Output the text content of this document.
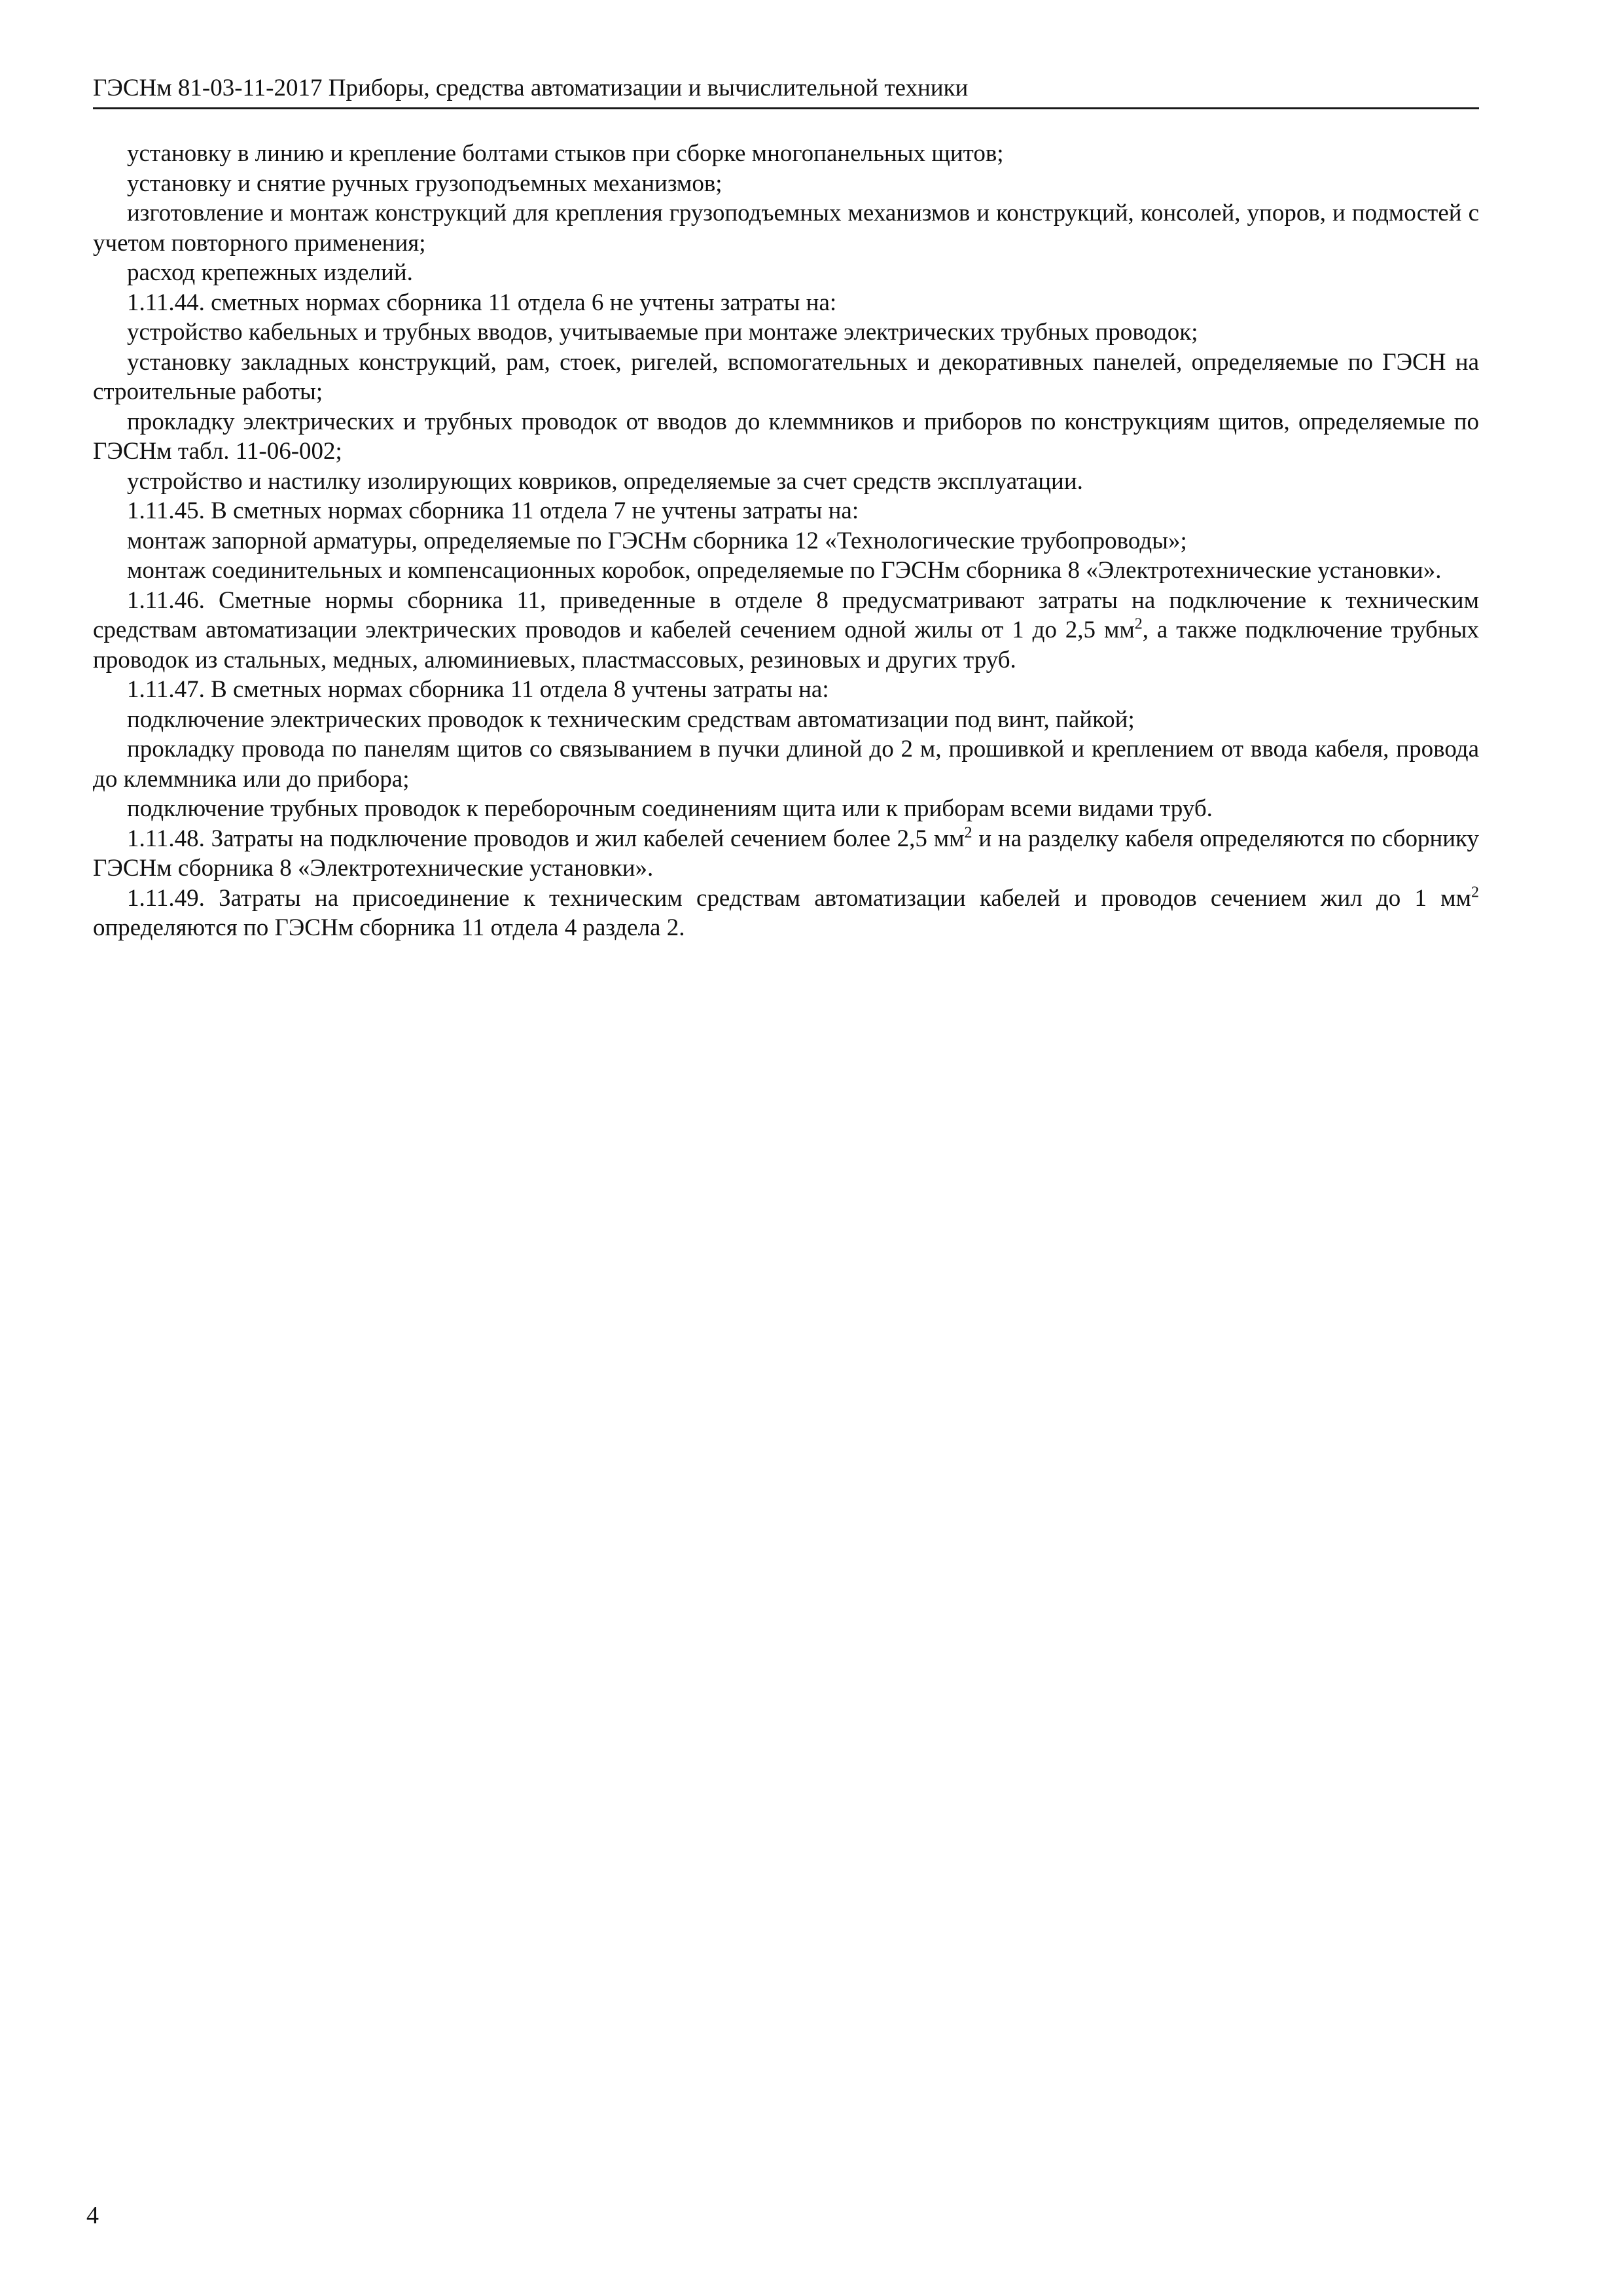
ГЭСНм 81-03-11-2017 Приборы, средства автоматизации и вычислительной техники

установку в линию и крепление болтами стыков при сборке многопанельных щитов;

установку и снятие ручных грузоподъемных механизмов;

изготовление и монтаж конструкций для крепления грузоподъемных механизмов и конструкций, консолей, упоров, и подмостей с учетом повторного применения;

расход крепежных изделий.

1.11.44. сметных нормах сборника 11 отдела 6 не учтены затраты на:

устройство кабельных и трубных вводов, учитываемые при монтаже электрических трубных проводок;

установку закладных конструкций, рам, стоек, ригелей, вспомогательных и декоративных панелей, определяемые по ГЭСН на строительные работы;

прокладку электрических и трубных проводок от вводов до клеммников и приборов по конструкциям щитов, определяемые по ГЭСНм табл. 11-06-002;

устройство и настилку изолирующих ковриков, определяемые за счет средств эксплуатации.

1.11.45. В сметных нормах сборника 11 отдела 7 не учтены затраты на:

монтаж запорной арматуры, определяемые по ГЭСНм сборника 12 «Технологические трубопроводы»;

монтаж соединительных и компенсационных коробок, определяемые по ГЭСНм сборника 8 «Электротехнические установки».

1.11.46. Сметные нормы сборника 11, приведенные в отделе 8 предусматривают затраты на подключение к техническим средствам автоматизации электрических проводов и кабелей сечением одной жилы от 1 до 2,5 $мм^2$, а также подключение трубных проводок из стальных, медных, алюминиевых, пластмассовых, резиновых и других труб.

1.11.47. В сметных нормах сборника 11 отдела 8 учтены затраты на:

подключение электрических проводок к техническим средствам автоматизации под винт, пайкой;

прокладку провода по панелям щитов со связыванием в пучки длиной до 2 м, прошивкой и креплением от ввода кабеля, провода до клеммника или до прибора;

подключение трубных проводок к переборочным соединениям щита или к приборам всеми видами труб.

1.11.48. Затраты на подключение проводов и жил кабелей сечением более 2,5 $мм^2$ и на разделку кабеля определяются по сборнику ГЭСНм сборника 8 «Электротехнические установки».

1.11.49. Затраты на присоединение к техническим средствам автоматизации кабелей и проводов сечением жил до 1 $мм^2$ определяются по ГЭСНм сборника 11 отдела 4 раздела 2.

4
